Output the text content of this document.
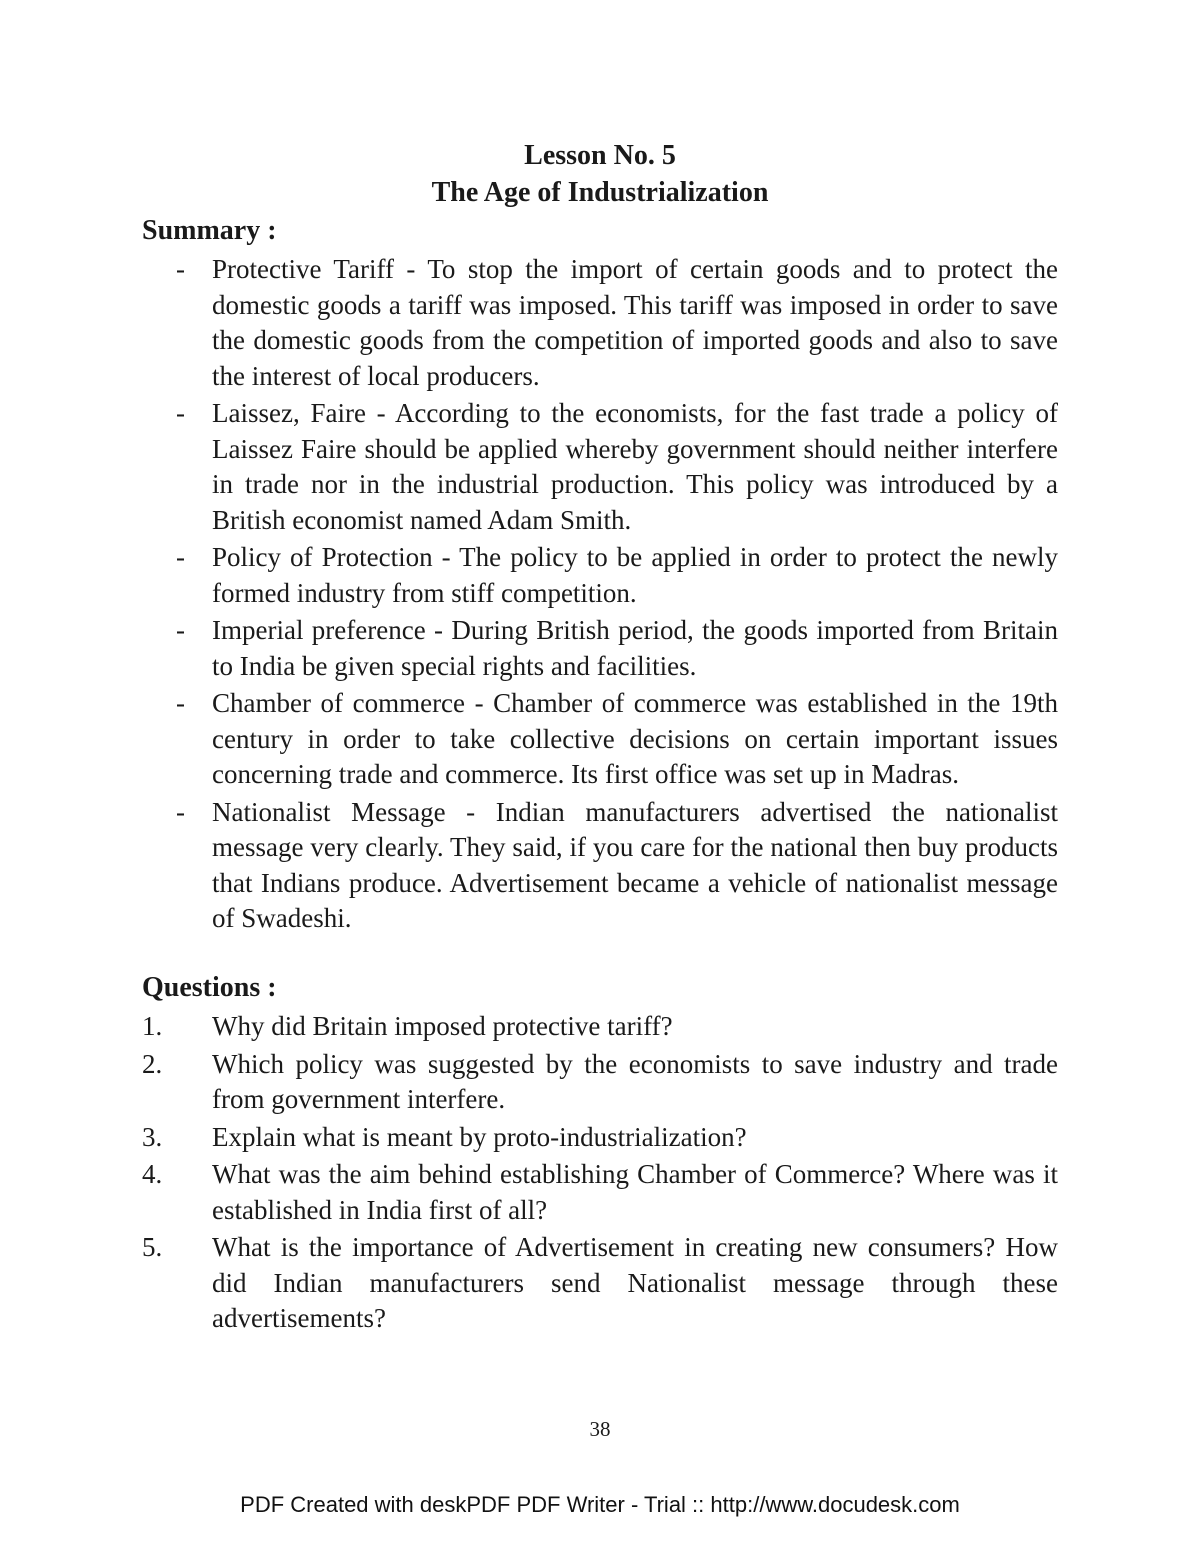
Lesson No. 5
The Age of Industrialization
Summary :
-	Protective Tariff - To stop the import of certain goods and to protect the domestic goods a tariff was imposed. This tariff was imposed in order to save the domestic goods from the competition of imported goods and also to save the interest of local producers.
-	Laissez, Faire - According to the economists, for the fast trade a policy of Laissez Faire should be applied whereby government should neither interfere in trade nor in the industrial production. This policy was introduced by a British economist named Adam Smith.
-	Policy of Protection - The policy to be applied in order to protect the newly formed industry from stiff competition.
-	Imperial preference - During British period, the goods imported from Britain to India be given special rights and facilities.
-	Chamber of commerce - Chamber of commerce was established in the 19th century in order to take collective decisions on certain important issues concerning trade and commerce. Its first office was set up in Madras.
-	Nationalist Message - Indian manufacturers advertised the nationalist message very clearly. They said, if you care for the national then buy products that Indians produce. Advertisement became a vehicle of nationalist message of Swadeshi.
Questions :
1.	Why did Britain imposed protective tariff?
2.	Which policy was suggested by the economists to save industry and trade from government interfere.
3.	Explain what is meant by proto-industrialization?
4.	What was the aim behind establishing Chamber of Commerce? Where was it established in India first of all?
5.	What is the importance of Advertisement in creating new consumers? How did Indian manufacturers send Nationalist message through these advertisements?
38
PDF Created with deskPDF PDF Writer - Trial :: http://www.docudesk.com
